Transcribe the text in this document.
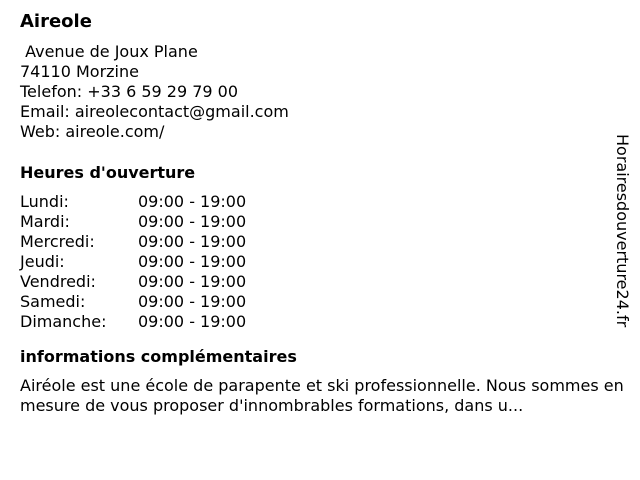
Aireole
Avenue de Joux Plane
74110 Morzine
Telefon: +33 6 59 29 79 00
Email: aireolecontact@gmail.com
Web: aireole.com/
Heures d'ouverture
Lundi:	09:00 - 19:00
Mardi:	09:00 - 19:00
Mercredi:	09:00 - 19:00
Jeudi:	09:00 - 19:00
Vendredi:	09:00 - 19:00
Samedi:	09:00 - 19:00
Dimanche:	09:00 - 19:00
informations complémentaires
Airéole est une école de parapente et ski professionnelle. Nous sommes en mesure de vous proposer d'innombrables formations, dans u...
Horairesdouverture24.fr
